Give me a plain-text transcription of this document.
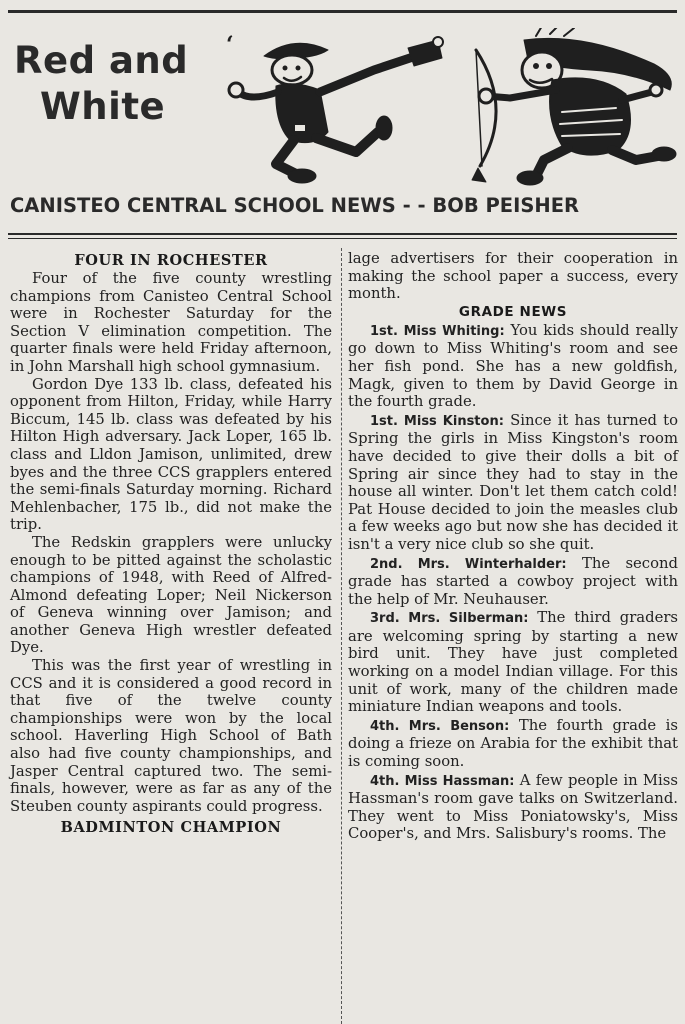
Red and
White
‘
CANISTEO CENTRAL SCHOOL NEWS - - BOB PEISHER
FOUR IN ROCHESTER

Four of the five county wrestling champions from Canisteo Central School were in Rochester Saturday for the Section V elimination competition. The quarter finals were held Friday afternoon, in John Marshall high school gymnasium.

Gordon Dye 133 lb. class, defeated his opponent from Hilton, Friday, while Harry Biccum, 145 lb. class was defeated by his Hilton High adversary. Jack Loper, 165 lb. class and Lldon Jamison, unlimited, drew byes and the three CCS grapplers entered the semi-finals Saturday morning. Richard Mehlenbacher, 175 lb., did not make the trip.

The Redskin grapplers were unlucky enough to be pitted against the scholastic champions of 1948, with Reed of Alfred-Almond defeating Loper; Neil Nickerson of Geneva winning over Jamison; and another Geneva High wrestler defeated Dye.

This was the first year of wrestling in CCS and it is considered a good record in that five of the twelve county championships were won by the local school. Haverling High School of Bath also had five county championships, and Jasper Central captured two. The semi-finals, however, were as far as any of the Steuben county aspirants could progress.

BADMINTON CHAMPION

lage advertisers for their cooperation in making the school paper a success, every month.

GRADE NEWS

1st. Miss Whiting: You kids should really go down to Miss Whiting's room and see her fish pond. She has a new goldfish, Magk, given to them by David George in the fourth grade.

1st. Miss Kinston: Since it has turned to Spring the girls in Miss Kingston's room have decided to give their dolls a bit of Spring air since they had to stay in the house all winter. Don't let them catch cold! Pat House decided to join the measles club a few weeks ago but now she has decided it isn't a very nice club so she quit.

2nd. Mrs. Winterhalder: The second grade has started a cowboy project with the help of Mr. Neuhauser.

3rd. Mrs. Silberman: The third graders are welcoming spring by starting a new bird unit. They have just completed working on a model Indian village. For this unit of work, many of the children made miniature Indian weapons and tools.

4th. Mrs. Benson: The fourth grade is doing a frieze on Arabia for the exhibit that is coming soon.

4th. Miss Hassman: A few people in Miss Hassman's room gave talks on Switzerland. They went to Miss Poniatowsky's, Miss Cooper's, and Mrs. Salisbury's rooms. The
